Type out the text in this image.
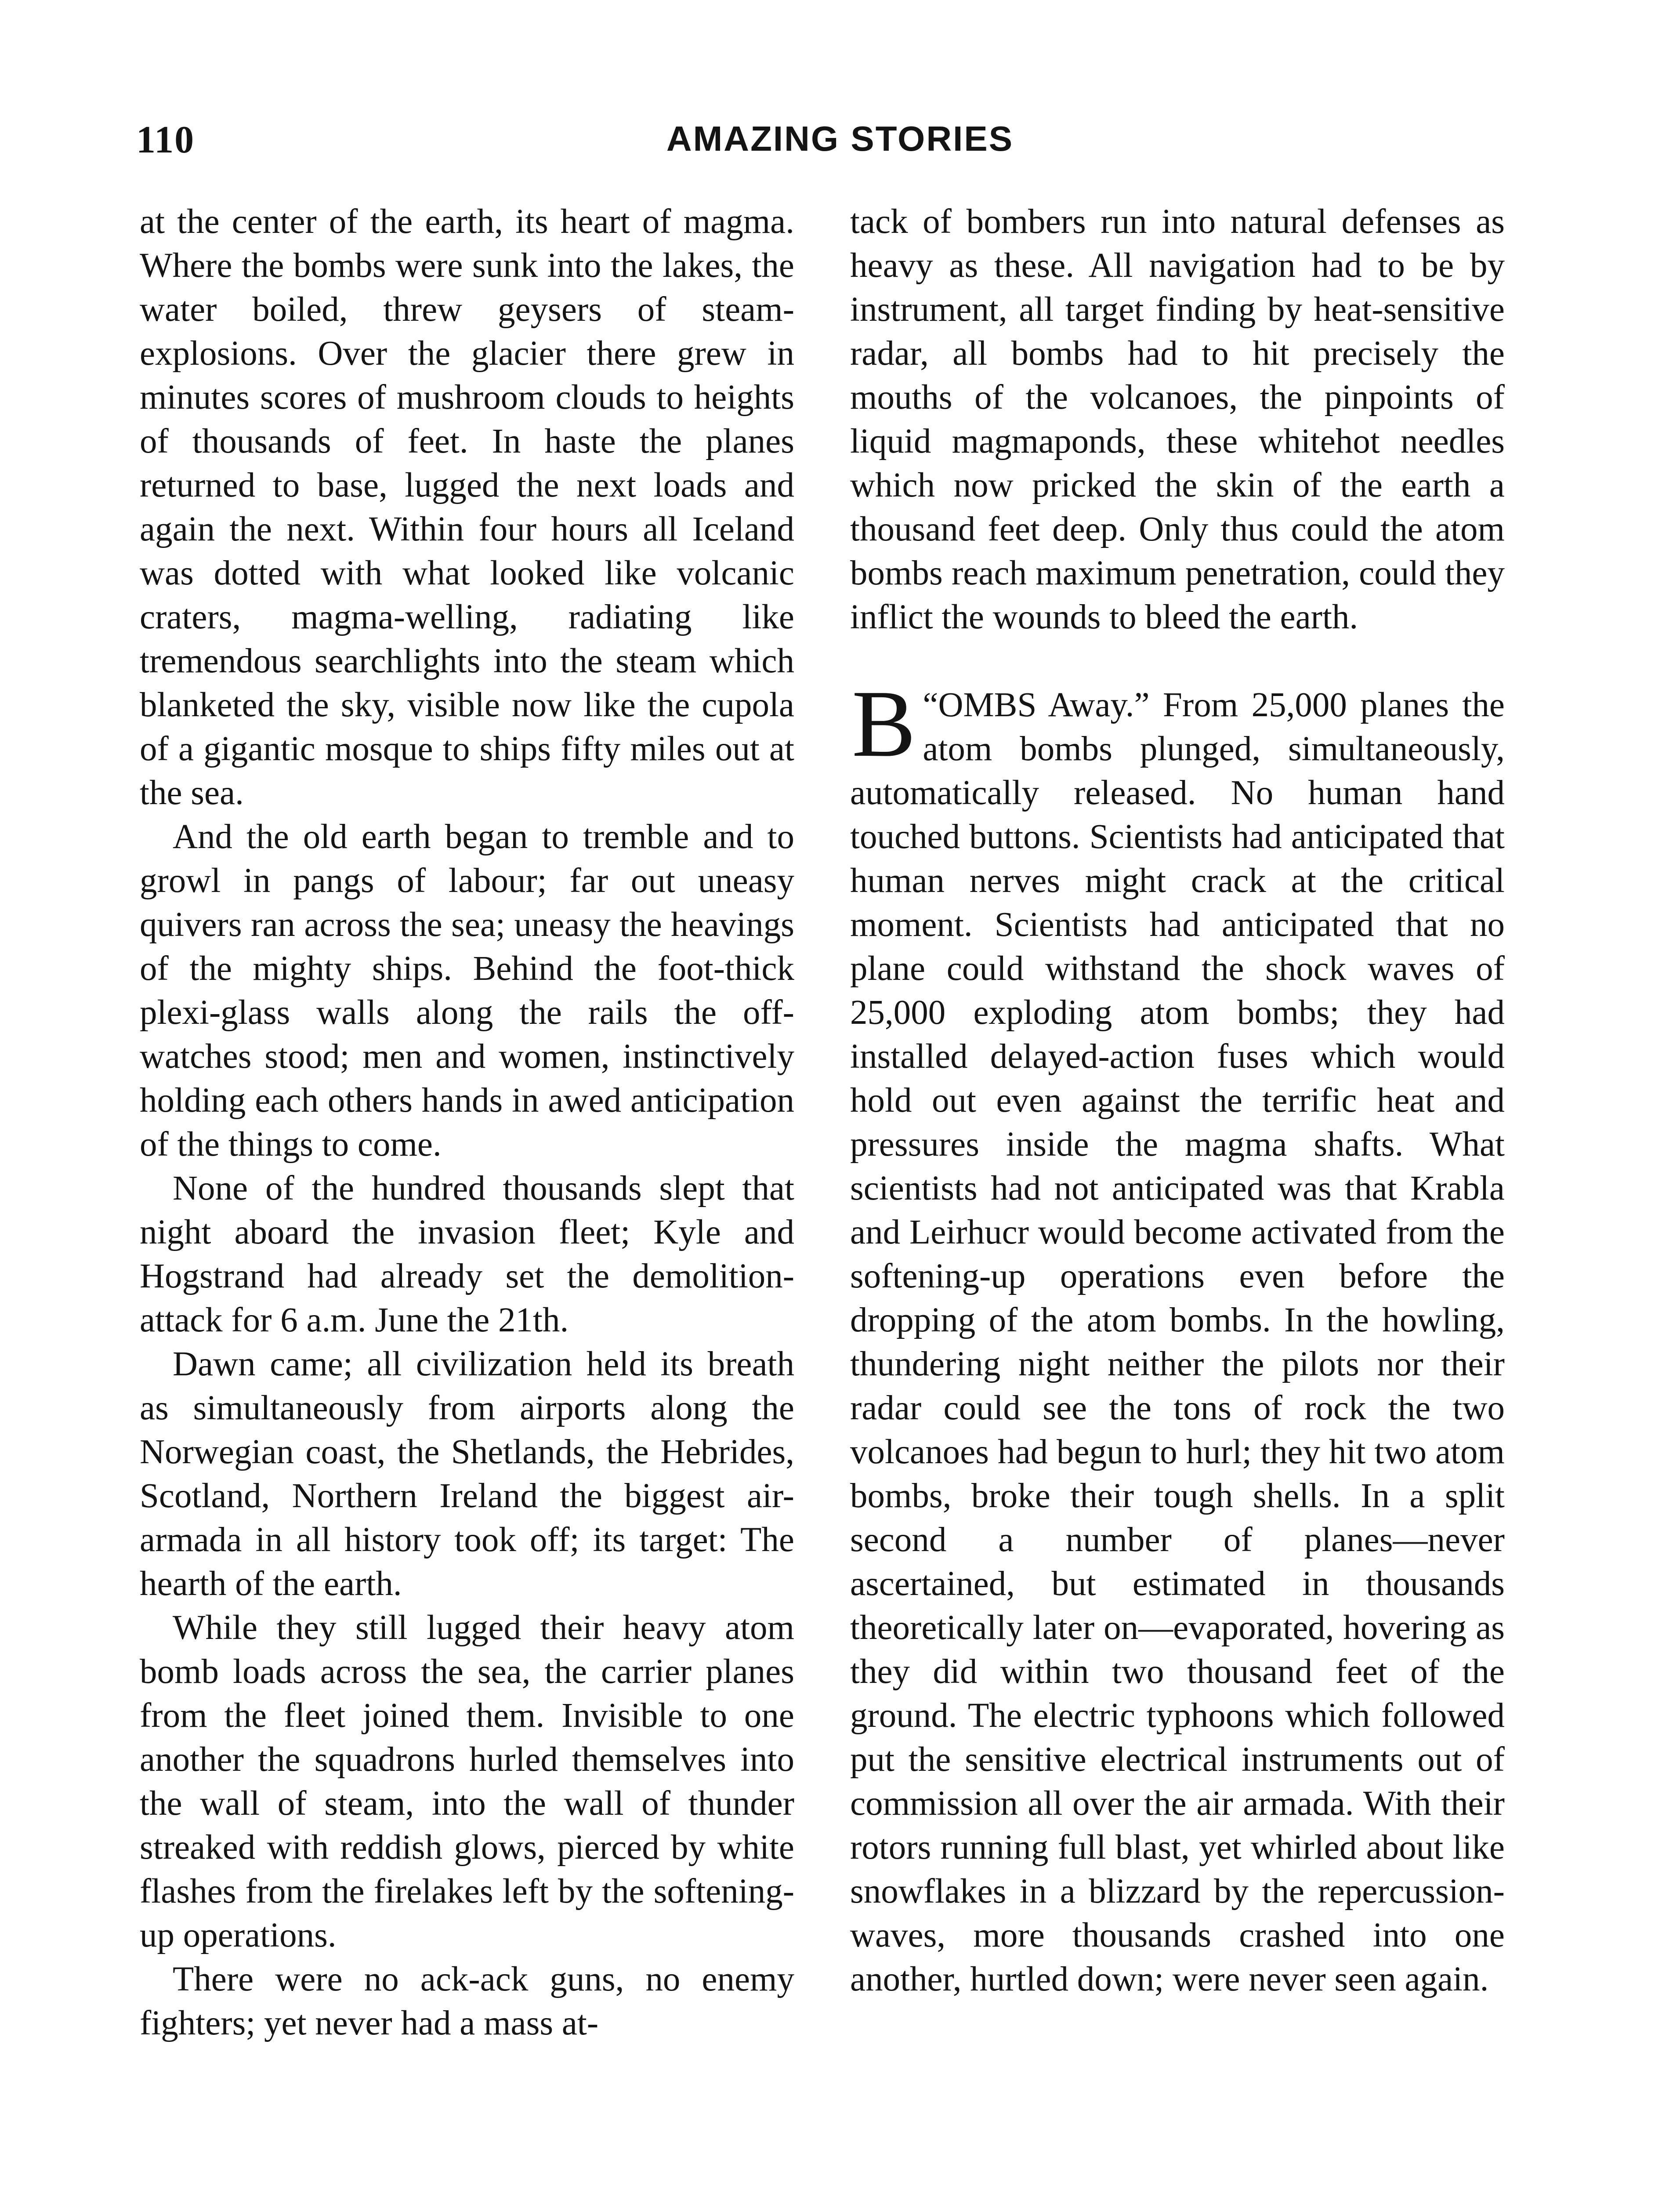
110	AMAZING STORIES

at the center of the earth, its heart of magma. Where the bombs were sunk into the lakes, the water boiled, threw geysers of steam-explosions. Over the glacier there grew in minutes scores of mushroom clouds to heights of thousands of feet. In haste the planes returned to base, lugged the next loads and again the next. Within four hours all Iceland was dotted with what looked like volcanic craters, magma-welling, radiating like tremendous searchlights into the steam which blanketed the sky, visible now like the cupola of a gigantic mosque to ships fifty miles out at the sea.

And the old earth began to tremble and to growl in pangs of labour; far out uneasy quivers ran across the sea; uneasy the heavings of the mighty ships. Behind the foot-thick plexi-glass walls along the rails the off-watches stood; men and women, instinctively holding each others hands in awed anticipation of the things to come.

None of the hundred thousands slept that night aboard the invasion fleet; Kyle and Hogstrand had already set the demolition-attack for 6 a.m. June the 21th.

Dawn came; all civilization held its breath as simultaneously from airports along the Norwegian coast, the Shetlands, the Hebrides, Scotland, Northern Ireland the biggest air-armada in all history took off; its target: The hearth of the earth.

While they still lugged their heavy atom bomb loads across the sea, the carrier planes from the fleet joined them. Invisible to one another the squadrons hurled themselves into the wall of steam, into the wall of thunder streaked with reddish glows, pierced by white flashes from the firelakes left by the softening-up operations.

There were no ack-ack guns, no enemy fighters; yet never had a mass at-

tack of bombers run into natural defenses as heavy as these. All navigation had to be by instrument, all target finding by heat-sensitive radar, all bombs had to hit precisely the mouths of the volcanoes, the pinpoints of liquid magmaponds, these whitehot needles which now pricked the skin of the earth a thousand feet deep. Only thus could the atom bombs reach maximum penetration, could they inflict the wounds to bleed the earth.

“
B OMBS Away.” From 25,000 planes the atom bombs plunged, simultaneously, automatically released. No human hand touched buttons. Scientists had anticipated that human nerves might crack at the critical moment. Scientists had anticipated that no plane could withstand the shock waves of 25,000 exploding atom bombs; they had installed delayed-action fuses which would hold out even against the terrific heat and pressures inside the magma shafts. What scientists had not anticipated was that Krabla and Leirhucr would become activated from the softening-up operations even before the dropping of the atom bombs. In the howling, thundering night neither the pilots nor their radar could see the tons of rock the two volcanoes had begun to hurl; they hit two atom bombs, broke their tough shells. In a split second a number of planes—never ascertained, but estimated in thousands theoretically later on—evaporated, hovering as they did within two thousand feet of the ground. The electric typhoons which followed put the sensitive electrical instruments out of commission all over the air armada. With their rotors running full blast, yet whirled about like snowflakes in a blizzard by the repercussion-waves, more thousands crashed into one another, hurtled down; were never seen again.
